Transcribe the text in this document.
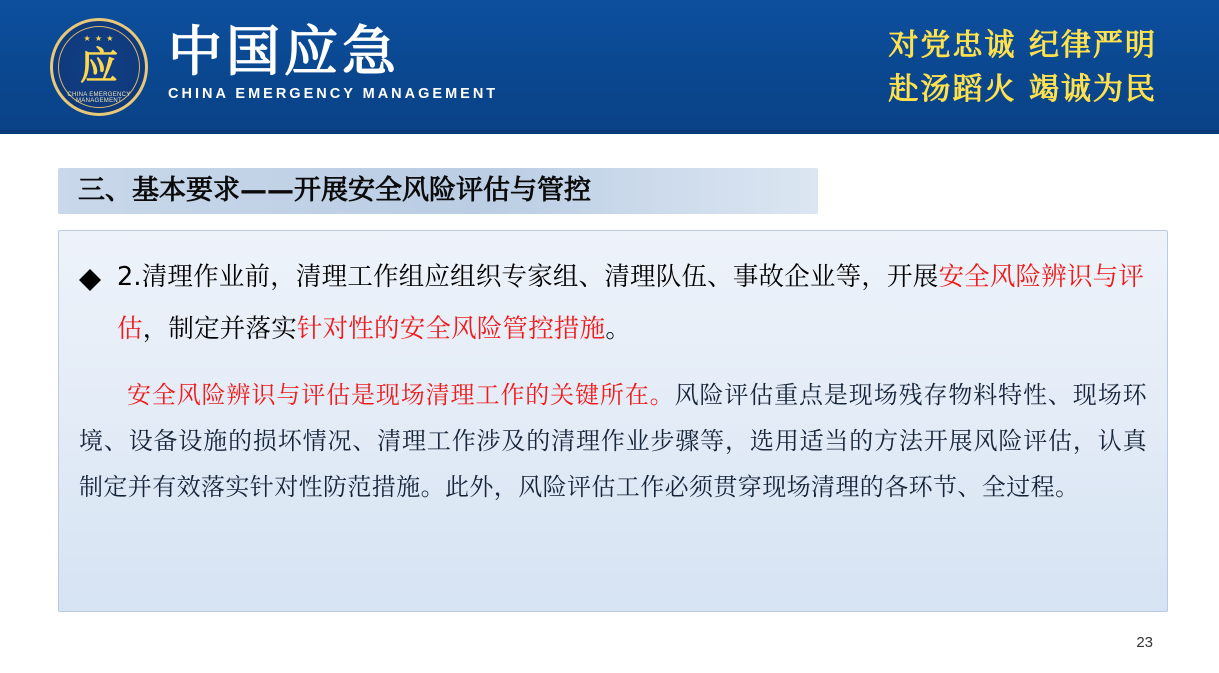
★ ★ ★
应
CHINA EMERGENCY MANAGEMENT
中国应急
CHINA EMERGENCY MANAGEMENT
对党忠诚 纪律严明
赴汤蹈火 竭诚为民
三、基本要求——开展安全风险评估与管控
2.清理作业前，清理工作组应组织专家组、清理队伍、事故企业等，开展安全风险辨识与评估，制定并落实针对性的安全风险管控措施。
安全风险辨识与评估是现场清理工作的关键所在。风险评估重点是现场残存物料特性、现场环境、设备设施的损坏情况、清理工作涉及的清理作业步骤等，选用适当的方法开展风险评估，认真制定并有效落实针对性防范措施。此外，风险评估工作必须贯穿现场清理的各环节、全过程。
23
